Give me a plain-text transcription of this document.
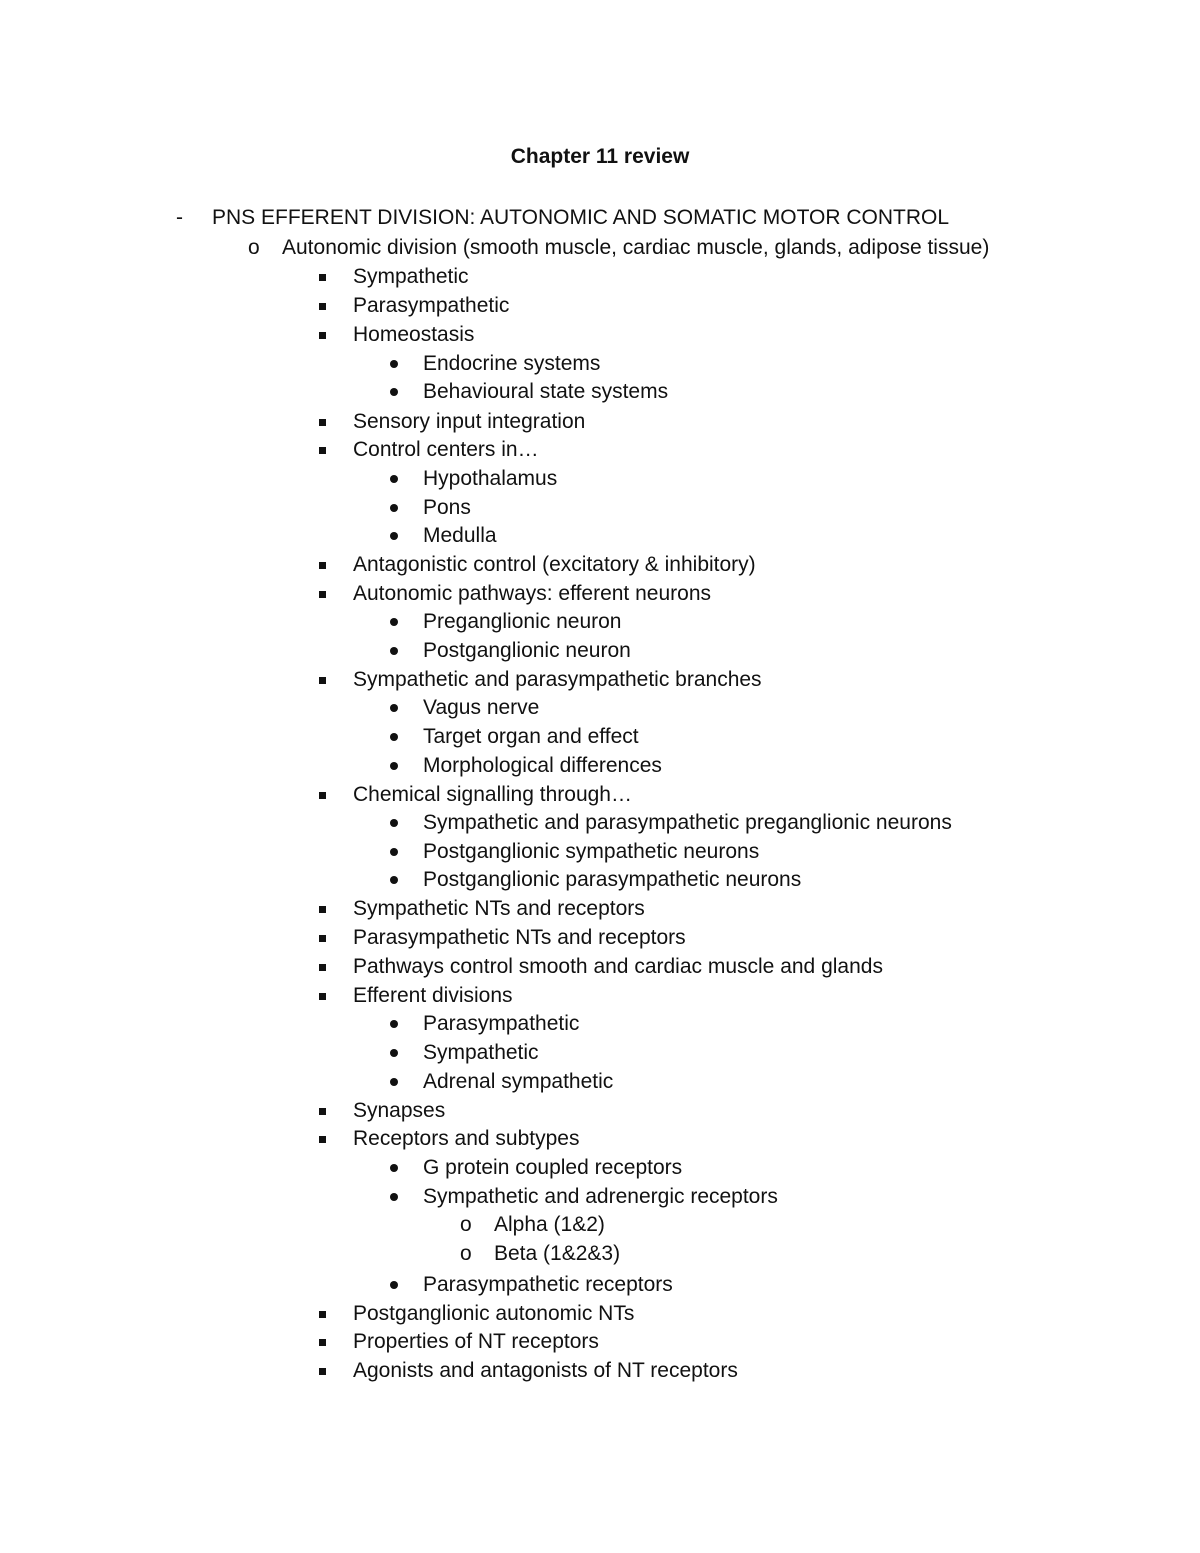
Chapter 11 review
- PNS EFFERENT DIVISION: AUTONOMIC AND SOMATIC MOTOR CONTROL
o Autonomic division (smooth muscle, cardiac muscle, glands, adipose tissue)
Sympathetic
Parasympathetic
Homeostasis
Endocrine systems
Behavioural state systems
Sensory input integration
Control centers in…
Hypothalamus
Pons
Medulla
Antagonistic control (excitatory & inhibitory)
Autonomic pathways: efferent neurons
Preganglionic neuron
Postganglionic neuron
Sympathetic and parasympathetic branches
Vagus nerve
Target organ and effect
Morphological differences
Chemical signalling through…
Sympathetic and parasympathetic preganglionic neurons
Postganglionic sympathetic neurons
Postganglionic parasympathetic neurons
Sympathetic NTs and receptors
Parasympathetic NTs and receptors
Pathways control smooth and cardiac muscle and glands
Efferent divisions
Parasympathetic
Sympathetic
Adrenal sympathetic
Synapses
Receptors and subtypes
G protein coupled receptors
Sympathetic and adrenergic receptors
o Alpha (1&2)
o Beta (1&2&3)
Parasympathetic receptors
Postganglionic autonomic NTs
Properties of NT receptors
Agonists and antagonists of NT receptors
